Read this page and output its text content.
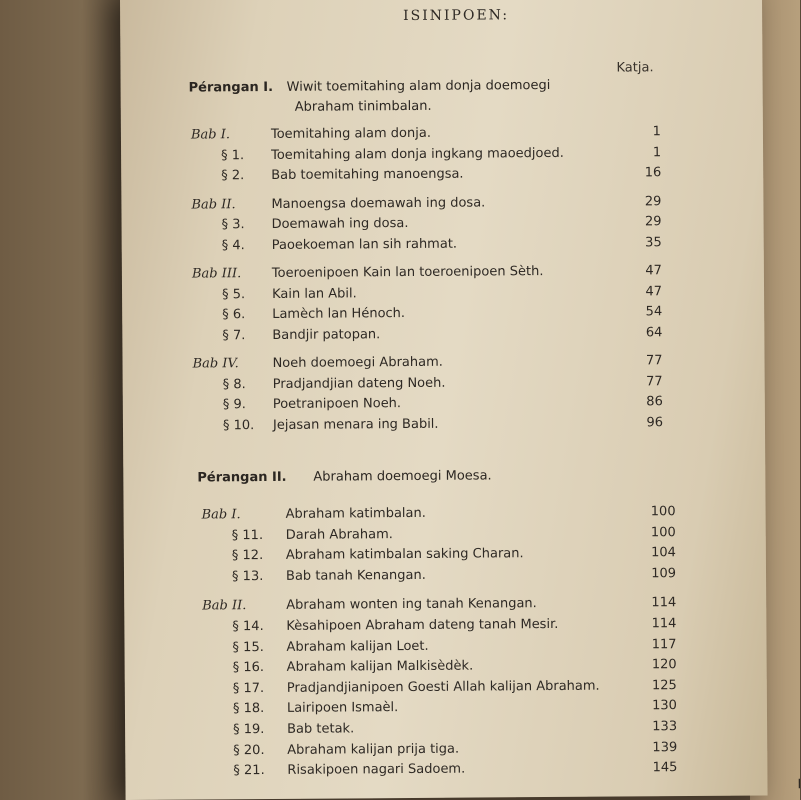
ISINIPOEN:
Katja.
Pérangan I. Wiwit toemitahing alam donja doemoegi
Abraham tinimbalan.
Bab I.	Toemitahing alam donja.	1
§ 1. Toemitahing alam donja ingkang maoedjoed.	1
§ 2. Bab toemitahing manoengsa.	16
Bab II.	Manoengsa doemawah ing dosa.	29
§ 3. Doemawah ing dosa.	29
§ 4. Paoekoeman lan sih rahmat.	35
Bab III. Toeroenipoen Kain lan toeroenipoen Sèth.	47
§ 5. Kain lan Abil.	47
§ 6. Lamèch lan Hénoch.	54
§ 7. Bandjir patopan.	64
Bab IV.	Noeh doemoegi Abraham.	77
§ 8. Pradjandjian dateng Noeh.	77
§ 9. Poetranipoen Noeh.	86
§ 10. Jejasan menara ing Babil.	96
Pérangan II. Abraham doemoegi Moesa.
Bab I.	Abraham katimbalan.	100
§ 11. Darah Abraham.	100
§ 12. Abraham katimbalan saking Charan.	104
§ 13. Bab tanah Kenangan.	109
Bab II.	Abraham wonten ing tanah Kenangan.	114
§ 14. Kèsahipoen Abraham dateng tanah Mesir.	114
§ 15. Abraham kalijan Loet.	117
§ 16. Abraham kalijan Malkisèdèk.	120
§ 17. Pradjandjianipoen Goesti Allah kalijan Abraham.	125
§ 18. Lairipoen Ismaèl.	130
§ 19. Bab tetak.	133
§ 20. Abraham kalijan prija tiga.	139
§ 21. Risakipoen nagari Sadoem.	145
I
